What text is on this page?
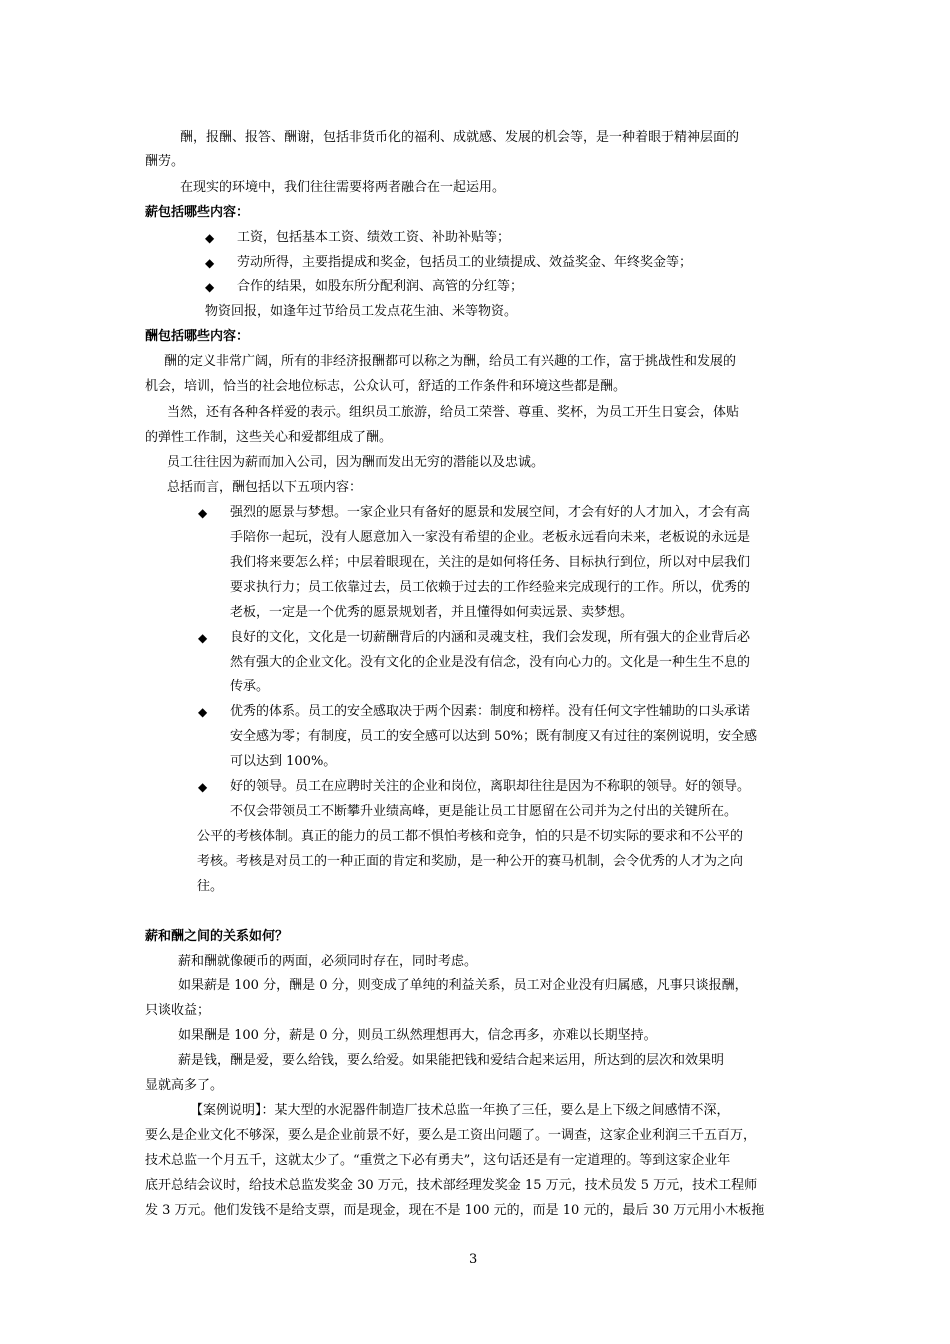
酬，报酬、报答、酬谢，包括非货币化的福利、成就感、发展的机会等，是一种着眼于精神层面的
酬劳。
在现实的环境中，我们往往需要将两者融合在一起运用。
薪包括哪些内容：
◆ 工资，包括基本工资、绩效工资、补助补贴等；
◆ 劳动所得，主要指提成和奖金，包括员工的业绩提成、效益奖金、年终奖金等；
◆ 合作的结果，如股东所分配利润、高管的分红等；
物资回报，如逢年过节给员工发点花生油、米等物资。
酬包括哪些内容：
酬的定义非常广阔，所有的非经济报酬都可以称之为酬，给员工有兴趣的工作，富于挑战性和发展的
机会，培训，恰当的社会地位标志，公众认可，舒适的工作条件和环境这些都是酬。
当然，还有各种各样爱的表示。组织员工旅游，给员工荣誉、尊重、奖杯，为员工开生日宴会，体贴
的弹性工作制，这些关心和爱都组成了酬。
员工往往因为薪而加入公司，因为酬而发出无穷的潜能以及忠诚。
总括而言，酬包括以下五项内容：
◆ 强烈的愿景与梦想。一家企业只有备好的愿景和发展空间，才会有好的人才加入，才会有高
手陪你一起玩，没有人愿意加入一家没有希望的企业。老板永远看向未来，老板说的永远是
我们将来要怎么样；中层着眼现在，关注的是如何将任务、目标执行到位，所以对中层我们
要求执行力；员工依靠过去，员工依赖于过去的工作经验来完成现行的工作。所以，优秀的
老板，一定是一个优秀的愿景规划者，并且懂得如何卖远景、卖梦想。
◆ 良好的文化，文化是一切薪酬背后的内涵和灵魂支柱，我们会发现，所有强大的企业背后必
然有强大的企业文化。没有文化的企业是没有信念，没有向心力的。文化是一种生生不息的
传承。
◆ 优秀的体系。员工的安全感取决于两个因素：制度和榜样。没有任何文字性辅助的口头承诺
安全感为零；有制度，员工的安全感可以达到 50%；既有制度又有过往的案例说明，安全感
可以达到 100%。
◆ 好的领导。员工在应聘时关注的企业和岗位，离职却往往是因为不称职的领导。好的领导。
不仅会带领员工不断攀升业绩高峰，更是能让员工甘愿留在公司并为之付出的关键所在。
公平的考核体制。真正的能力的员工都不惧怕考核和竞争，怕的只是不切实际的要求和不公平的
考核。考核是对员工的一种正面的肯定和奖励，是一种公开的赛马机制，会令优秀的人才为之向
往。
薪和酬之间的关系如何？
薪和酬就像硬币的两面，必须同时存在，同时考虑。
如果薪是 100 分，酬是 0 分，则变成了单纯的利益关系，员工对企业没有归属感，凡事只谈报酬，
只谈收益；
如果酬是 100 分，薪是 0 分，则员工纵然理想再大，信念再多，亦难以长期坚持。
薪是钱，酬是爱，要么给钱，要么给爱。如果能把钱和爱结合起来运用，所达到的层次和效果明
显就高多了。
【案例说明】：某大型的水泥器件制造厂技术总监一年换了三任，要么是上下级之间感情不深，
要么是企业文化不够深，要么是企业前景不好，要么是工资出问题了。一调查，这家企业利润三千五百万，
技术总监一个月五千，这就太少了。“重赏之下必有勇夫”，这句话还是有一定道理的。等到这家企业年
底开总结会议时，给技术总监发奖金 30 万元，技术部经理发奖金 15 万元，技术员发 5 万元，技术工程师
发 3 万元。他们发钱不是给支票，而是现金，现在不是 100 元的，而是 10 元的，最后 30 万元用小木板拖
3
